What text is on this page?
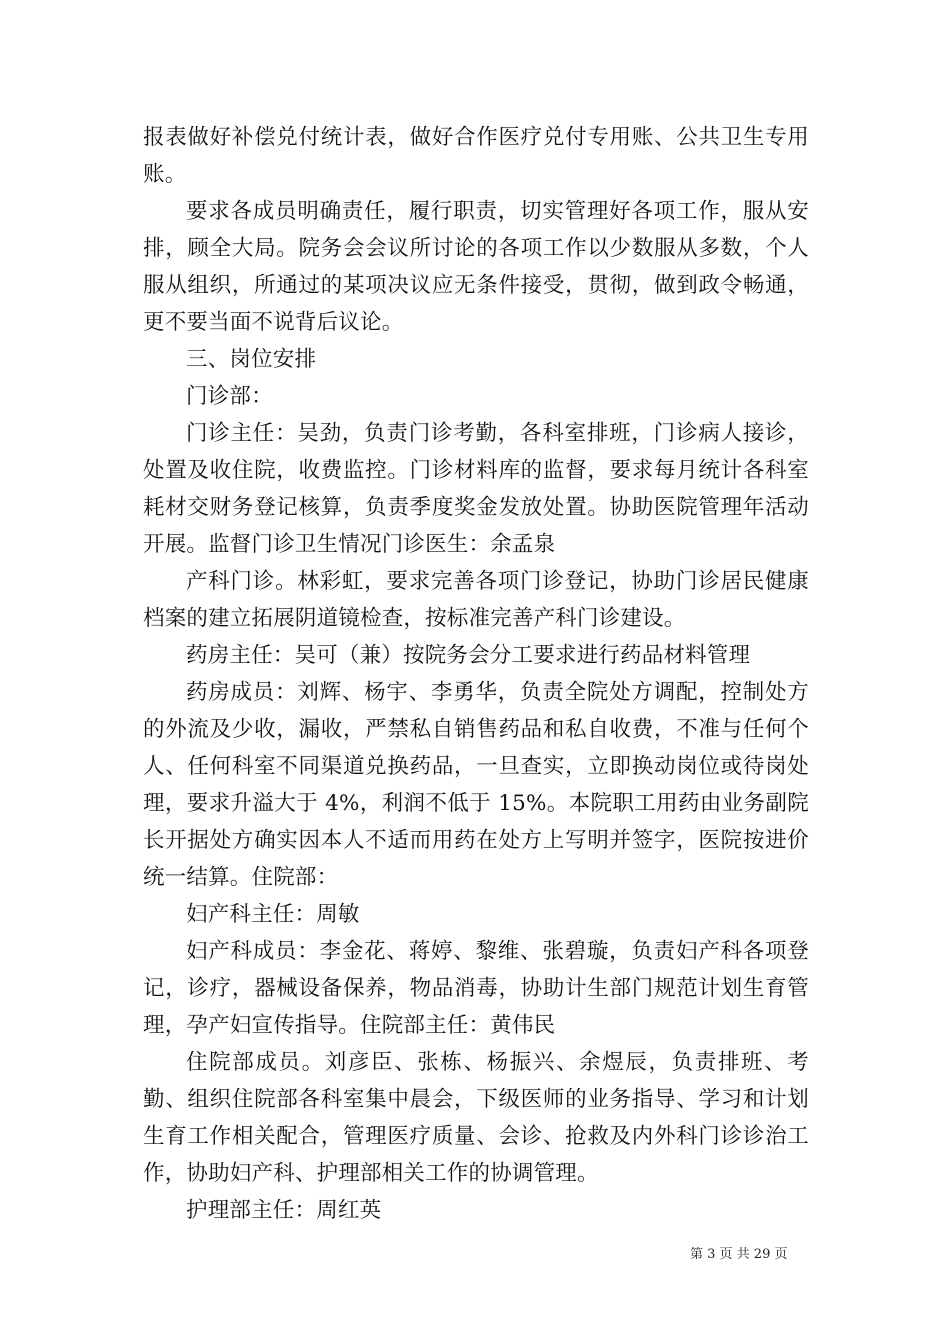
报表做好补偿兑付统计表，做好合作医疗兑付专用账、公共卫生专用账。

要求各成员明确责任，履行职责，切实管理好各项工作，服从安排，顾全大局。院务会会议所讨论的各项工作以少数服从多数，个人服从组织，所通过的某项决议应无条件接受，贯彻，做到政令畅通，更不要当面不说背后议论。

三、岗位安排

门诊部：

门诊主任：吴劲，负责门诊考勤，各科室排班，门诊病人接诊，处置及收住院，收费监控。门诊材料库的监督，要求每月统计各科室耗材交财务登记核算，负责季度奖金发放处置。协助医院管理年活动开展。监督门诊卫生情况门诊医生：余孟泉

产科门诊。林彩虹，要求完善各项门诊登记，协助门诊居民健康档案的建立拓展阴道镜检查，按标准完善产科门诊建设。

药房主任：吴可（兼）按院务会分工要求进行药品材料管理

药房成员：刘辉、杨宇、李勇华，负责全院处方调配，控制处方的外流及少收，漏收，严禁私自销售药品和私自收费，不准与任何个人、任何科室不同渠道兑换药品，一旦查实，立即换动岗位或待岗处理，要求升溢大于 4%，利润不低于 15%。本院职工用药由业务副院长开据处方确实因本人不适而用药在处方上写明并签字，医院按进价统一结算。住院部：

妇产科主任：周敏

妇产科成员：李金花、蒋婷、黎维、张碧璇，负责妇产科各项登记，诊疗，器械设备保养，物品消毒，协助计生部门规范计划生育管理，孕产妇宣传指导。住院部主任：黄伟民

住院部成员。刘彦臣、张栋、杨振兴、余煜辰，负责排班、考勤、组织住院部各科室集中晨会，下级医师的业务指导、学习和计划生育工作相关配合，管理医疗质量、会诊、抢救及内外科门诊诊治工作，协助妇产科、护理部相关工作的协调管理。

护理部主任：周红英

第 3 页 共 29 页
